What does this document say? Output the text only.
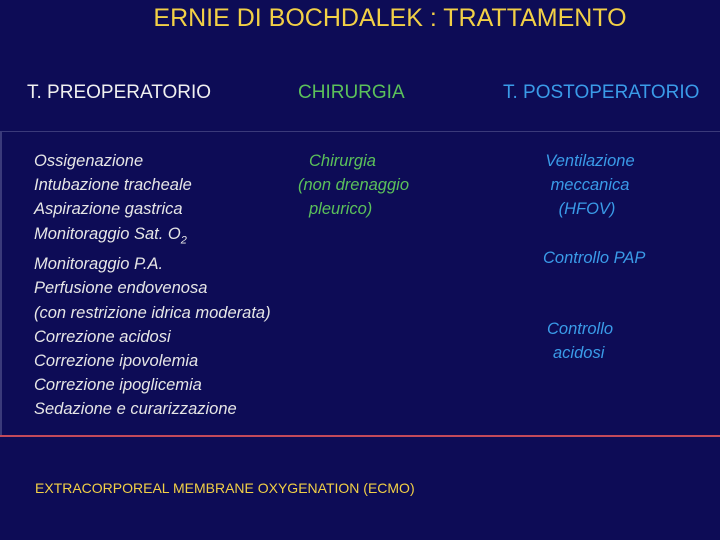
ERNIE DI BOCHDALEK : TRATTAMENTO
T. PREOPERATORIO	CHIRURGIA	T. POSTOPERATORIO
Ossigenazione
Intubazione tracheale
Aspirazione gastrica
Monitoraggio Sat. $O_2$
Monitoraggio P.A.
Perfusione endovenosa
(con restrizione idrica moderata)
Correzione acidosi
Correzione ipovolemia
Correzione ipoglicemia
Sedazione e curarizzazione
Chirurgia
(non drenaggio
pleurico)
Ventilazione
meccanica
(HFOV)
Controllo PAP
Controllo
acidosi
EXTRACORPOREAL MEMBRANE OXYGENATION (ECMO)
